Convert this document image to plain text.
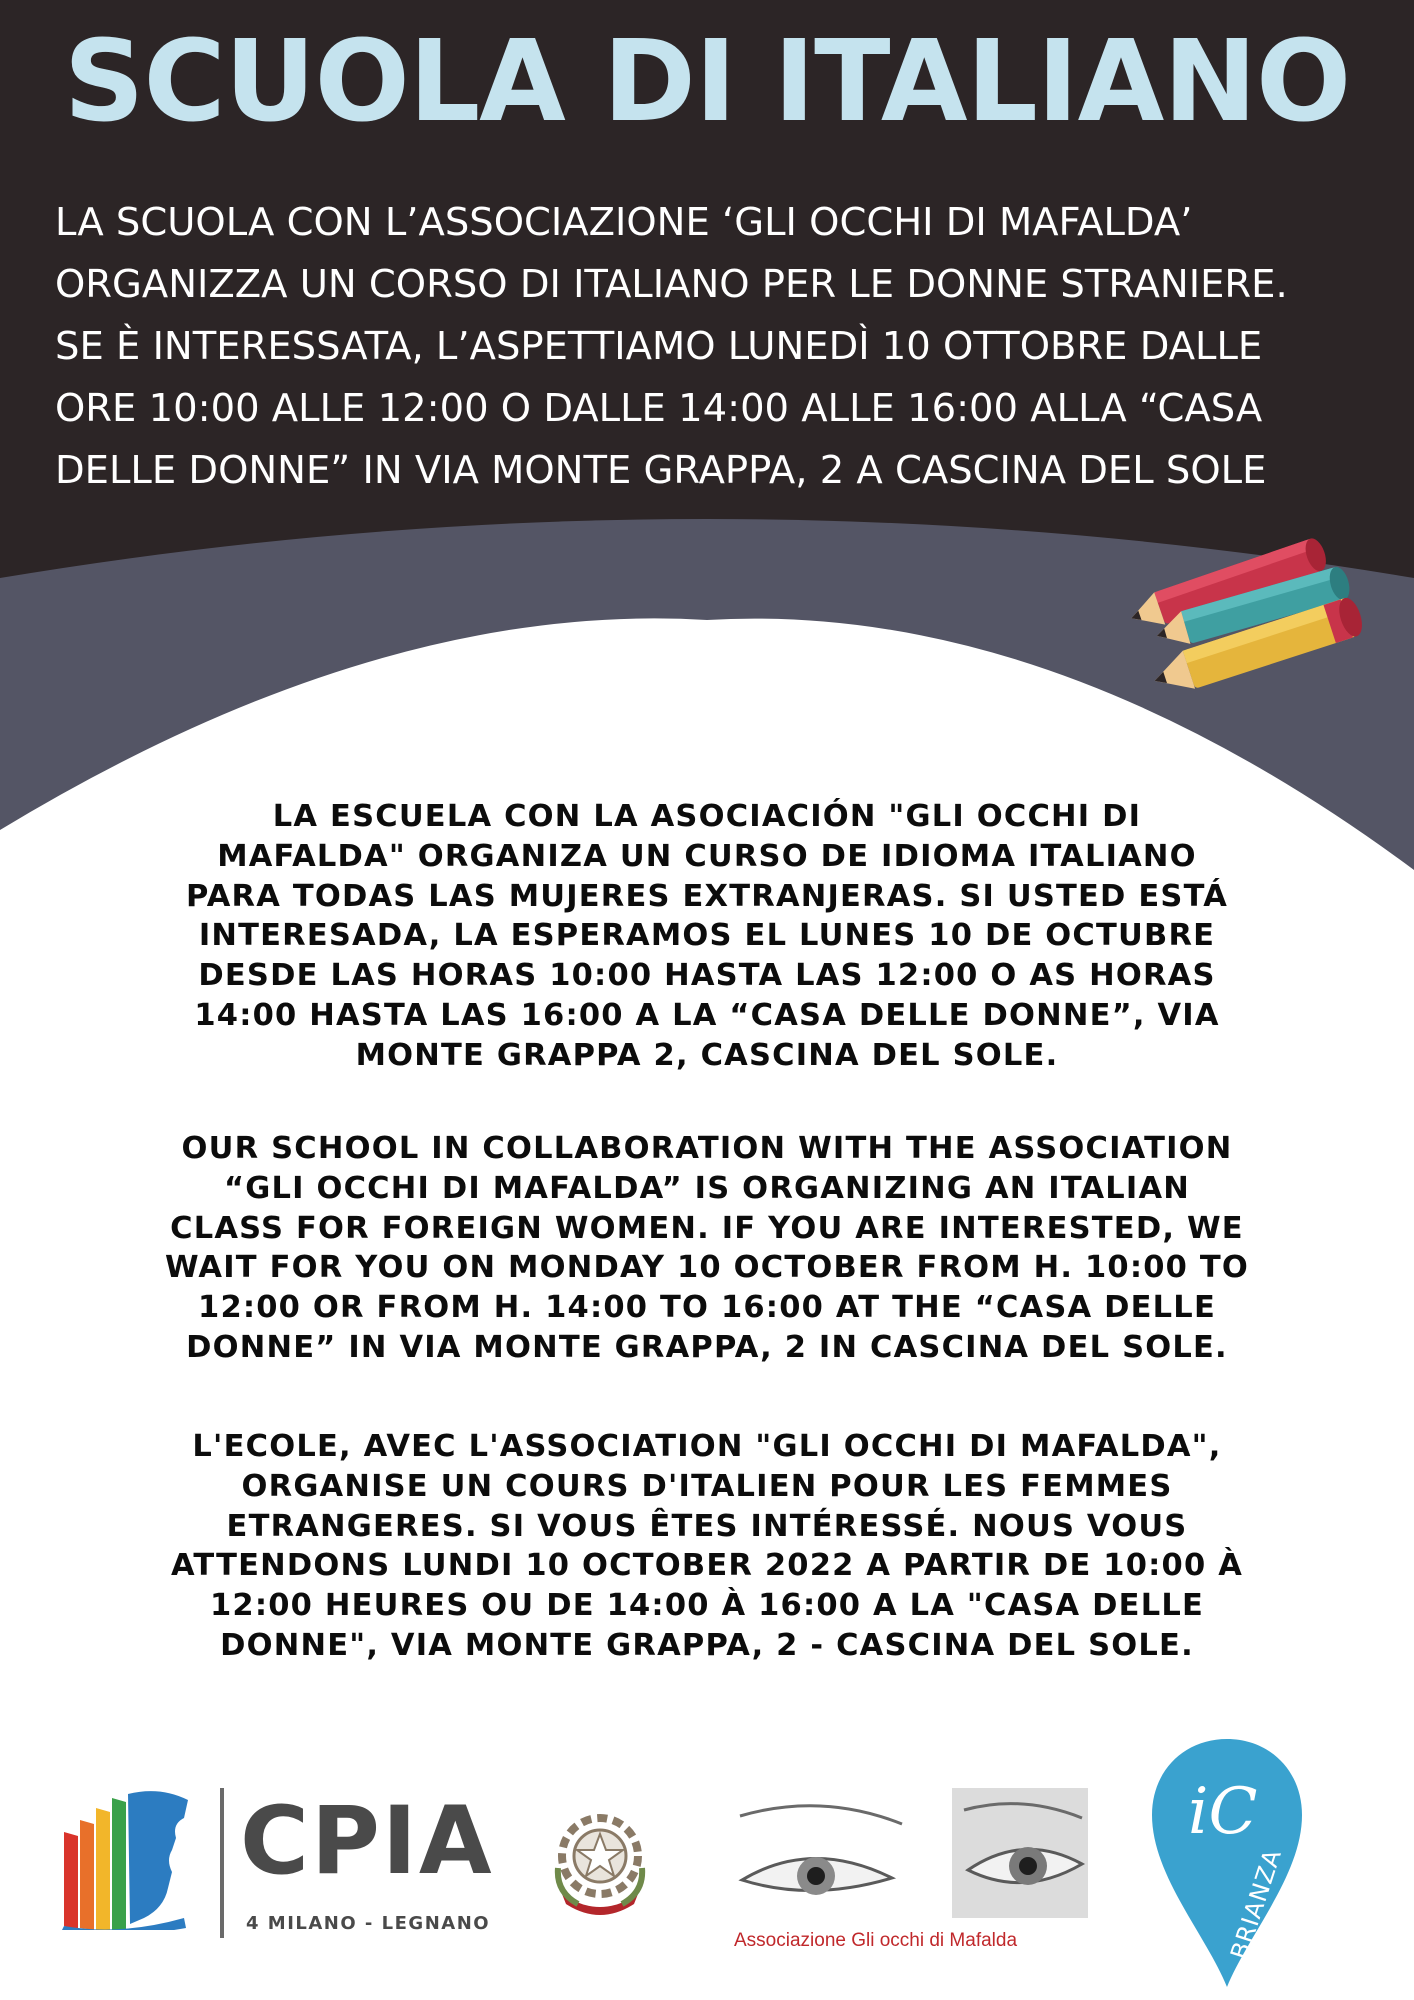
SCUOLA DI ITALIANO
LA SCUOLA CON L’ASSOCIAZIONE ‘GLI OCCHI DI MAFALDA’
ORGANIZZA UN CORSO DI ITALIANO PER LE DONNE STRANIERE.
SE È INTERESSATA, L’ASPETTIAMO LUNEDÌ 10 OTTOBRE DALLE
ORE 10:00 ALLE 12:00 O DALLE 14:00 ALLE 16:00 ALLA “CASA
DELLE DONNE” IN VIA MONTE GRAPPA, 2 A CASCINA DEL SOLE
LA ESCUELA CON LA ASOCIACIÓN "GLI OCCHI DI
MAFALDA" ORGANIZA UN CURSO DE IDIOMA ITALIANO
PARA TODAS LAS MUJERES EXTRANJERAS. SI USTED ESTÁ
INTERESADA, LA ESPERAMOS EL LUNES 10 DE OCTUBRE
DESDE LAS HORAS 10:00 HASTA LAS 12:00 O AS HORAS
14:00 HASTA LAS 16:00 A LA “CASA DELLE DONNE”, VIA
MONTE GRAPPA 2, CASCINA DEL SOLE.
OUR SCHOOL IN COLLABORATION WITH THE ASSOCIATION
“GLI OCCHI DI MAFALDA” IS ORGANIZING AN ITALIAN
CLASS FOR FOREIGN WOMEN. IF YOU ARE INTERESTED, WE
WAIT FOR YOU ON MONDAY 10 OCTOBER FROM H. 10:00 TO
12:00 OR FROM H. 14:00 TO 16:00 AT THE “CASA DELLE
DONNE” IN VIA MONTE GRAPPA, 2 IN CASCINA DEL SOLE.
L'ECOLE, AVEC L'ASSOCIATION "GLI OCCHI DI MAFALDA",
ORGANISE UN COURS D'ITALIEN POUR LES FEMMES
ETRANGERES. SI VOUS ÊTES INTÉRESSÉ. NOUS VOUS
ATTENDONS LUNDI 10 OCTOBER 2022 A PARTIR DE 10:00 À
12:00 HEURES OU DE 14:00 À 16:00 A LA "CASA DELLE
DONNE", VIA MONTE GRAPPA, 2 - CASCINA DEL SOLE.
CPIA
4 MILANO - LEGNANO
Associazione Gli occhi di Mafalda
iC
BRIANZA
